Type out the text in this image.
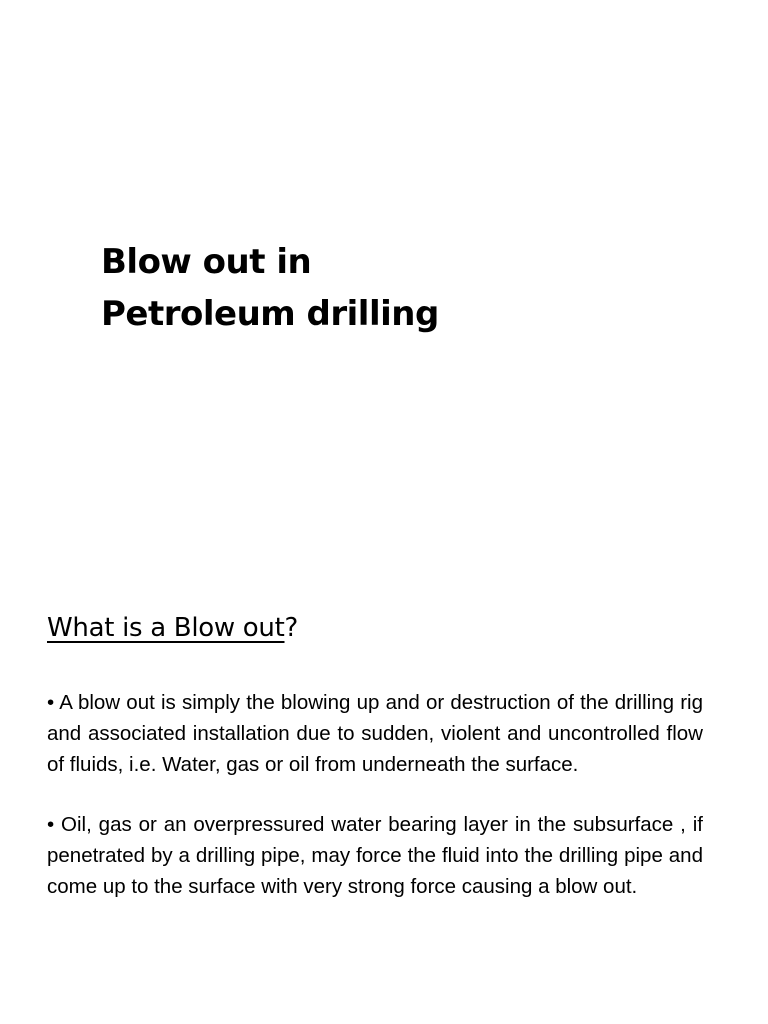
Blow out in
Petroleum drilling
What is a Blow out?
• A blow out is simply the blowing up and or destruction of the drilling rig and associated installation due to sudden, violent and uncontrolled flow of fluids, i.e. Water, gas or oil from underneath the surface.
• Oil, gas or an overpressured water bearing layer in the subsurface , if penetrated by a drilling pipe, may force the fluid into the drilling pipe and come up to the surface with very strong force causing a blow out.
